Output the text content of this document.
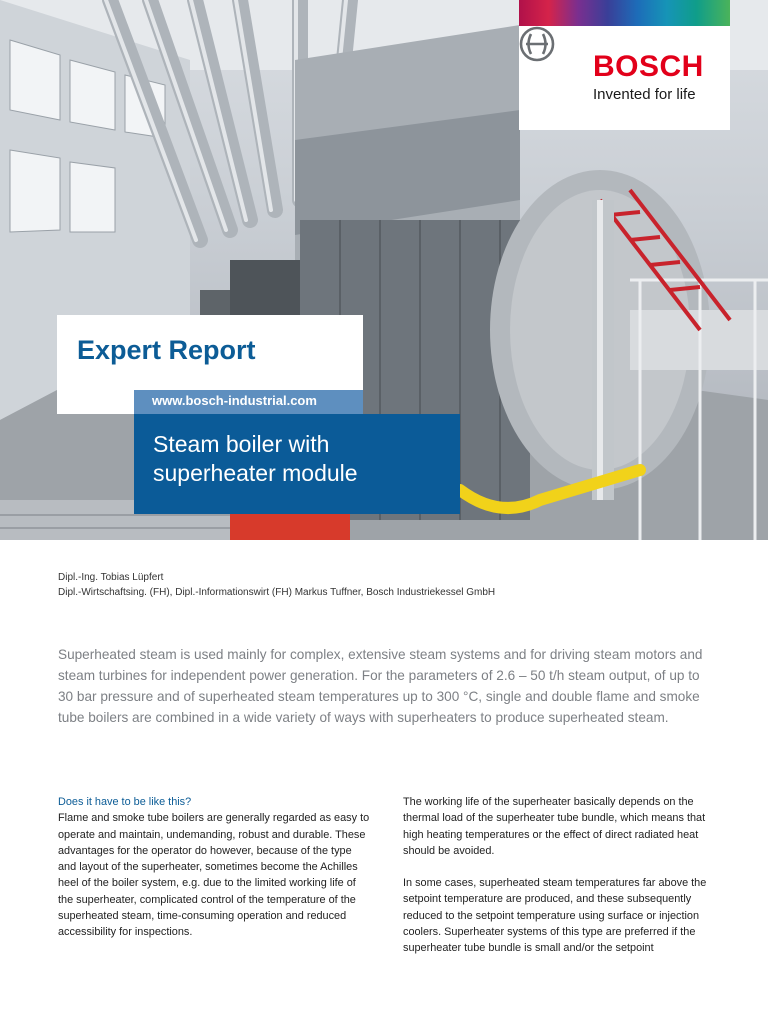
BOSCH
Invented for life
Expert Report
www.bosch-industrial.com
Steam boiler with
superheater module
Dipl.-Ing. Tobias Lüpfert
Dipl.-Wirtschaftsing. (FH), Dipl.-Informationswirt (FH) Markus Tuffner, Bosch Industriekessel GmbH
Superheated steam is used mainly for complex, extensive steam systems and for driving steam motors and steam turbines for independent power generation. For the parameters of 2.6 – 50 t/h steam output, of up to 30 bar pressure and of superheated steam temperatures up to 300 °C, single and double flame and smoke tube boilers are combined in a wide variety of ways with superheaters to produce superheated steam.
Does it have to be like this?

Flame and smoke tube boilers are generally regarded as easy to operate and maintain, undemanding, robust and durable. These advantages for the operator do however, because of the type and layout of the superheater, sometimes become the Achilles heel of the boiler system, e.g. due to the limited working life of the superheater, complicated control of the temperature of the superheated steam, time-consuming operation and reduced accessibility for inspections.

The working life of the superheater basically depends on the thermal load of the superheater tube bundle, which means that high heating temperatures or the effect of direct radiated heat should be avoided.

In some cases, superheated steam temperatures far above the setpoint temperature are produced, and these subsequently reduced to the setpoint temperature using surface or injection coolers. Superheater systems of this type are preferred if the superheater tube bundle is small and/or the setpoint
